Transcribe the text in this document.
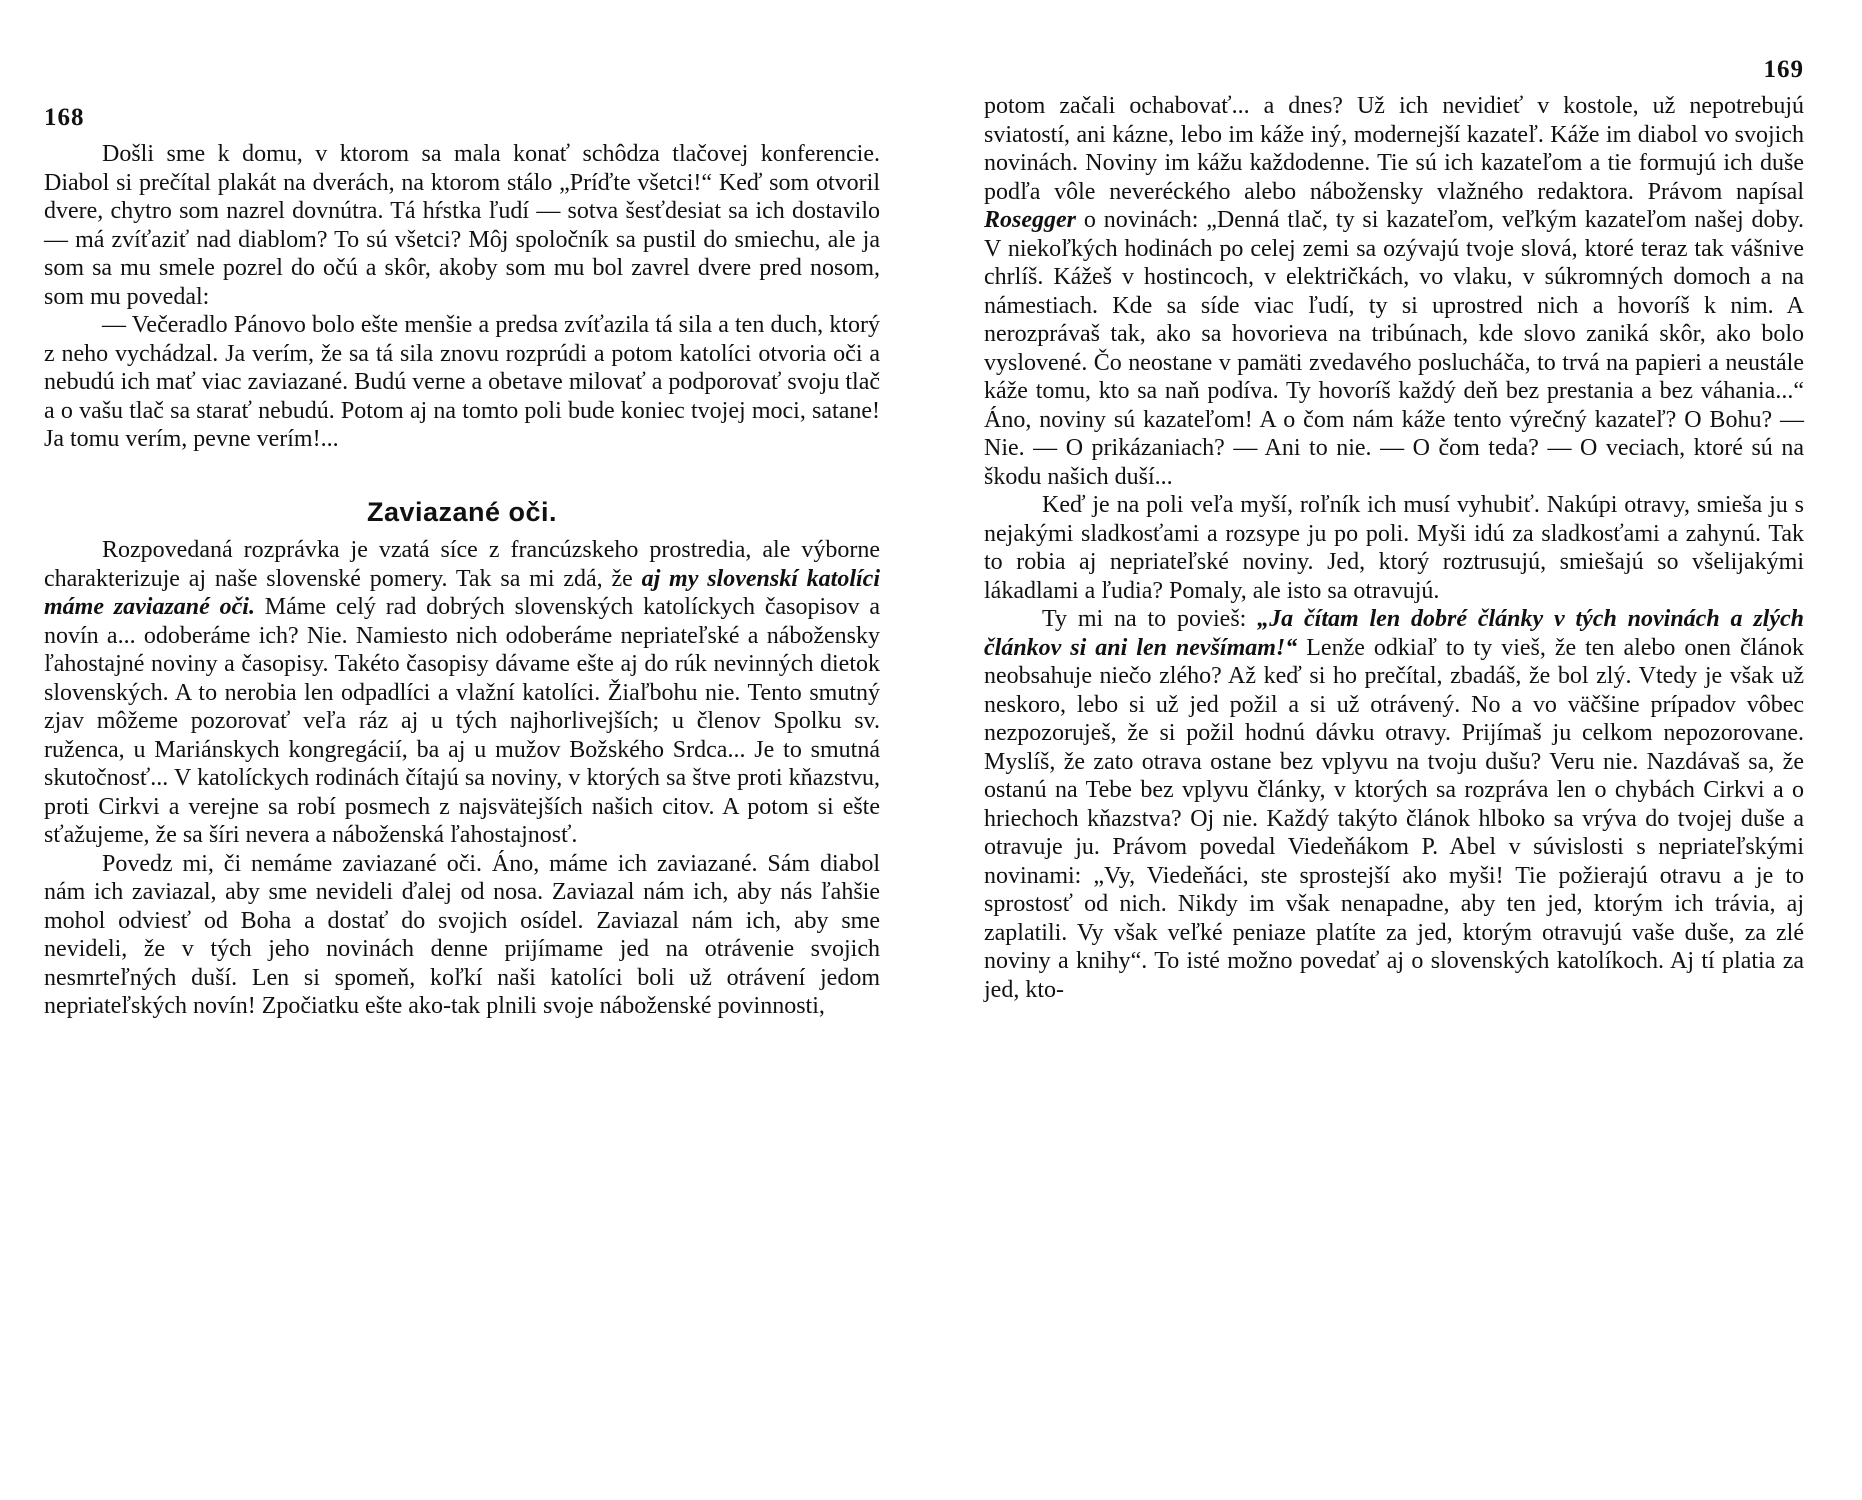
168

Došli sme k domu, v ktorom sa mala konať schôdza tlačovej konferencie. Diabol si prečítal plakát na dverách, na ktorom stálo „Príďte všetci!“ Keď som otvoril dvere, chytro som nazrel dovnútra. Tá hŕstka ľudí — sotva šesťdesiat sa ich dostavilo — má zvíťaziť nad diablom? To sú všetci? Môj spoločník sa pustil do smiechu, ale ja som sa mu smele pozrel do očú a skôr, akoby som mu bol zavrel dvere pred nosom, som mu povedal:

— Večeradlo Pánovo bolo ešte menšie a predsa zvíťazila tá sila a ten duch, ktorý z neho vychádzal. Ja verím, že sa tá sila znovu rozprúdi a potom katolíci otvoria oči a nebudú ich mať viac zaviazané. Budú verne a obetave milovať a podporovať svoju tlač a o vašu tlač sa starať nebudú. Potom aj na tomto poli bude koniec tvojej moci, satane! Ja tomu verím, pevne verím!...

Zaviazané oči.

Rozpovedaná rozprávka je vzatá síce z francúzskeho prostredia, ale výborne charakterizuje aj naše slovenské pomery. Tak sa mi zdá, že aj my slovenskí katolíci máme zaviazané oči. Máme celý rad dobrých slovenských katolíckych časopisov a novín a... odoberáme ich? Nie. Namiesto nich odoberáme nepriateľské a nábožensky ľahostajné noviny a časopisy. Takéto časopisy dávame ešte aj do rúk nevinných dietok slovenských. A to nerobia len odpadlíci a vlažní katolíci. Žiaľbohu nie. Tento smutný zjav môžeme pozorovať veľa ráz aj u tých najhorlivejších; u členov Spolku sv. ruženca, u Mariánskych kongregácií, ba aj u mužov Božského Srdca... Je to smutná skutočnosť... V katolíckych rodinách čítajú sa noviny, v ktorých sa štve proti kňazstvu, proti Cirkvi a verejne sa robí posmech z najsvätejších našich citov. A potom si ešte sťažujeme, že sa šíri nevera a náboženská ľahostajnosť.

Povedz mi, či nemáme zaviazané oči. Áno, máme ich zaviazané. Sám diabol nám ich zaviazal, aby sme nevideli ďalej od nosa. Zaviazal nám ich, aby nás ľahšie mohol odviesť od Boha a dostať do svojich osídel. Zaviazal nám ich, aby sme nevideli, že v tých jeho novinách denne prijímame jed na otrávenie svojich nesmrteľných duší. Len si spomeň, koľkí naši katolíci boli už otrávení jedom nepriateľských novín! Zpočiatku ešte ako-tak plnili svoje náboženské povinnosti,

169

potom začali ochabovať... a dnes? Už ich nevidieť v kostole, už nepotrebujú sviatostí, ani kázne, lebo im káže iný, modernejší kazateľ. Káže im diabol vo svojich novinách. Noviny im kážu každodenne. Tie sú ich kazateľom a tie formujú ich duše podľa vôle neveréckého alebo nábožensky vlažného redaktora. Právom napísal Rosegger o novinách: „Denná tlač, ty si kazateľom, veľkým kazateľom našej doby. V niekoľkých hodinách po celej zemi sa ozývajú tvoje slová, ktoré teraz tak vášnive chrlíš. Kážeš v hostincoch, v električkách, vo vlaku, v súkromných domoch a na námestiach. Kde sa síde viac ľudí, ty si uprostred nich a hovoríš k nim. A nerozprávaš tak, ako sa hovorieva na tribúnach, kde slovo zaniká skôr, ako bolo vyslovené. Čo neostane v pamäti zvedavého poslucháča, to trvá na papieri a neustále káže tomu, kto sa naň podíva. Ty hovoríš každý deň bez prestania a bez váhania...“ Áno, noviny sú kazateľom! A o čom nám káže tento výrečný kazateľ? O Bohu? — Nie. — O prikázaniach? — Ani to nie. — O čom teda? — O veciach, ktoré sú na škodu našich duší...

Keď je na poli veľa myší, roľník ich musí vyhubiť. Nakúpi otravy, smieša ju s nejakými sladkosťami a rozsype ju po poli. Myši idú za sladkosťami a zahynú. Tak to robia aj nepriateľské noviny. Jed, ktorý roztrusujú, smiešajú so všelijakými lákadlami a ľudia? Pomaly, ale isto sa otravujú.

Ty mi na to povieš: „Ja čítam len dobré články v tých novinách a zlých článkov si ani len nevšímam!“ Lenže odkiaľ to ty vieš, že ten alebo onen článok neobsahuje niečo zlého? Až keď si ho prečítal, zbadáš, že bol zlý. Vtedy je však už neskoro, lebo si už jed požil a si už otrávený. No a vo väčšine prípadov vôbec nezpozoruješ, že si požil hodnú dávku otravy. Prijímaš ju celkom nepozorovane. Myslíš, že zato otrava ostane bez vplyvu na tvoju dušu? Veru nie. Nazdávaš sa, že ostanú na Tebe bez vplyvu články, v ktorých sa rozpráva len o chybách Cirkvi a o hriechoch kňazstva? Oj nie. Každý takýto článok hlboko sa vrýva do tvojej duše a otravuje ju. Právom povedal Viedeňákom P. Abel v súvislosti s nepriateľskými novinami: „Vy, Viedeňáci, ste sprostejší ako myši! Tie požierajú otravu a je to sprostosť od nich. Nikdy im však nenapadne, aby ten jed, ktorým ich trávia, aj zaplatili. Vy však veľké peniaze platíte za jed, ktorým otravujú vaše duše, za zlé noviny a knihy“. To isté možno povedať aj o slovenských katolíkoch. Aj tí platia za jed, kto-
